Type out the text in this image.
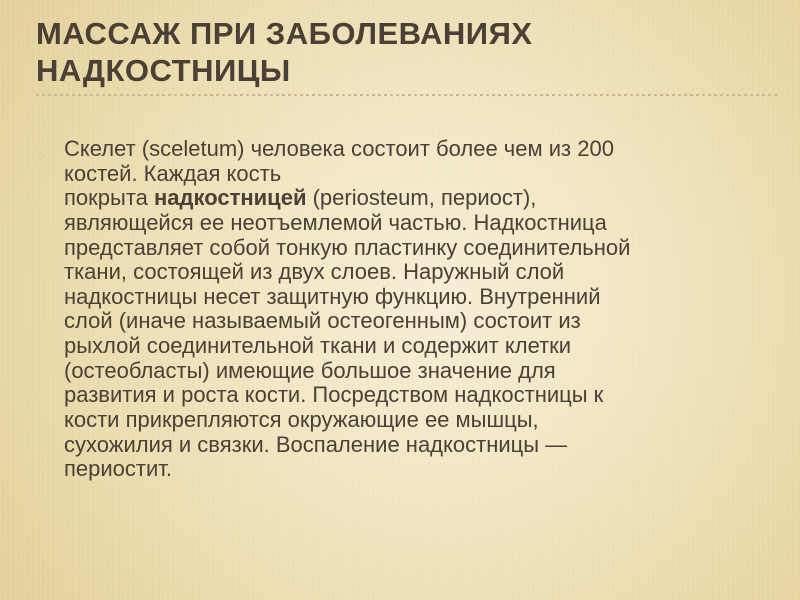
МАССАЖ ПРИ ЗАБОЛЕВАНИЯХ
НАДКОСТНИЦЫ
Скелет (sceletum) человека состоит более чем из 200
костей. Каждая кость
покрыта надкостницей (periosteum, периост),
являющейся ее неотъемлемой частью. Надкостница
представляет собой тонкую пластинку соединительной
ткани, состоящей из двух слоев. Наружный слой
надкостницы несет защитную функцию. Внутренний
слой (иначе называемый остеогенным) состоит из
рыхлой соединительной ткани и содержит клетки
(остеобласты) имеющие большое значение для
развития и роста кости. Посредством надкостницы к
кости прикрепляются окружающие ее мышцы,
сухожилия и связки. Воспаление надкостницы —
периостит.
